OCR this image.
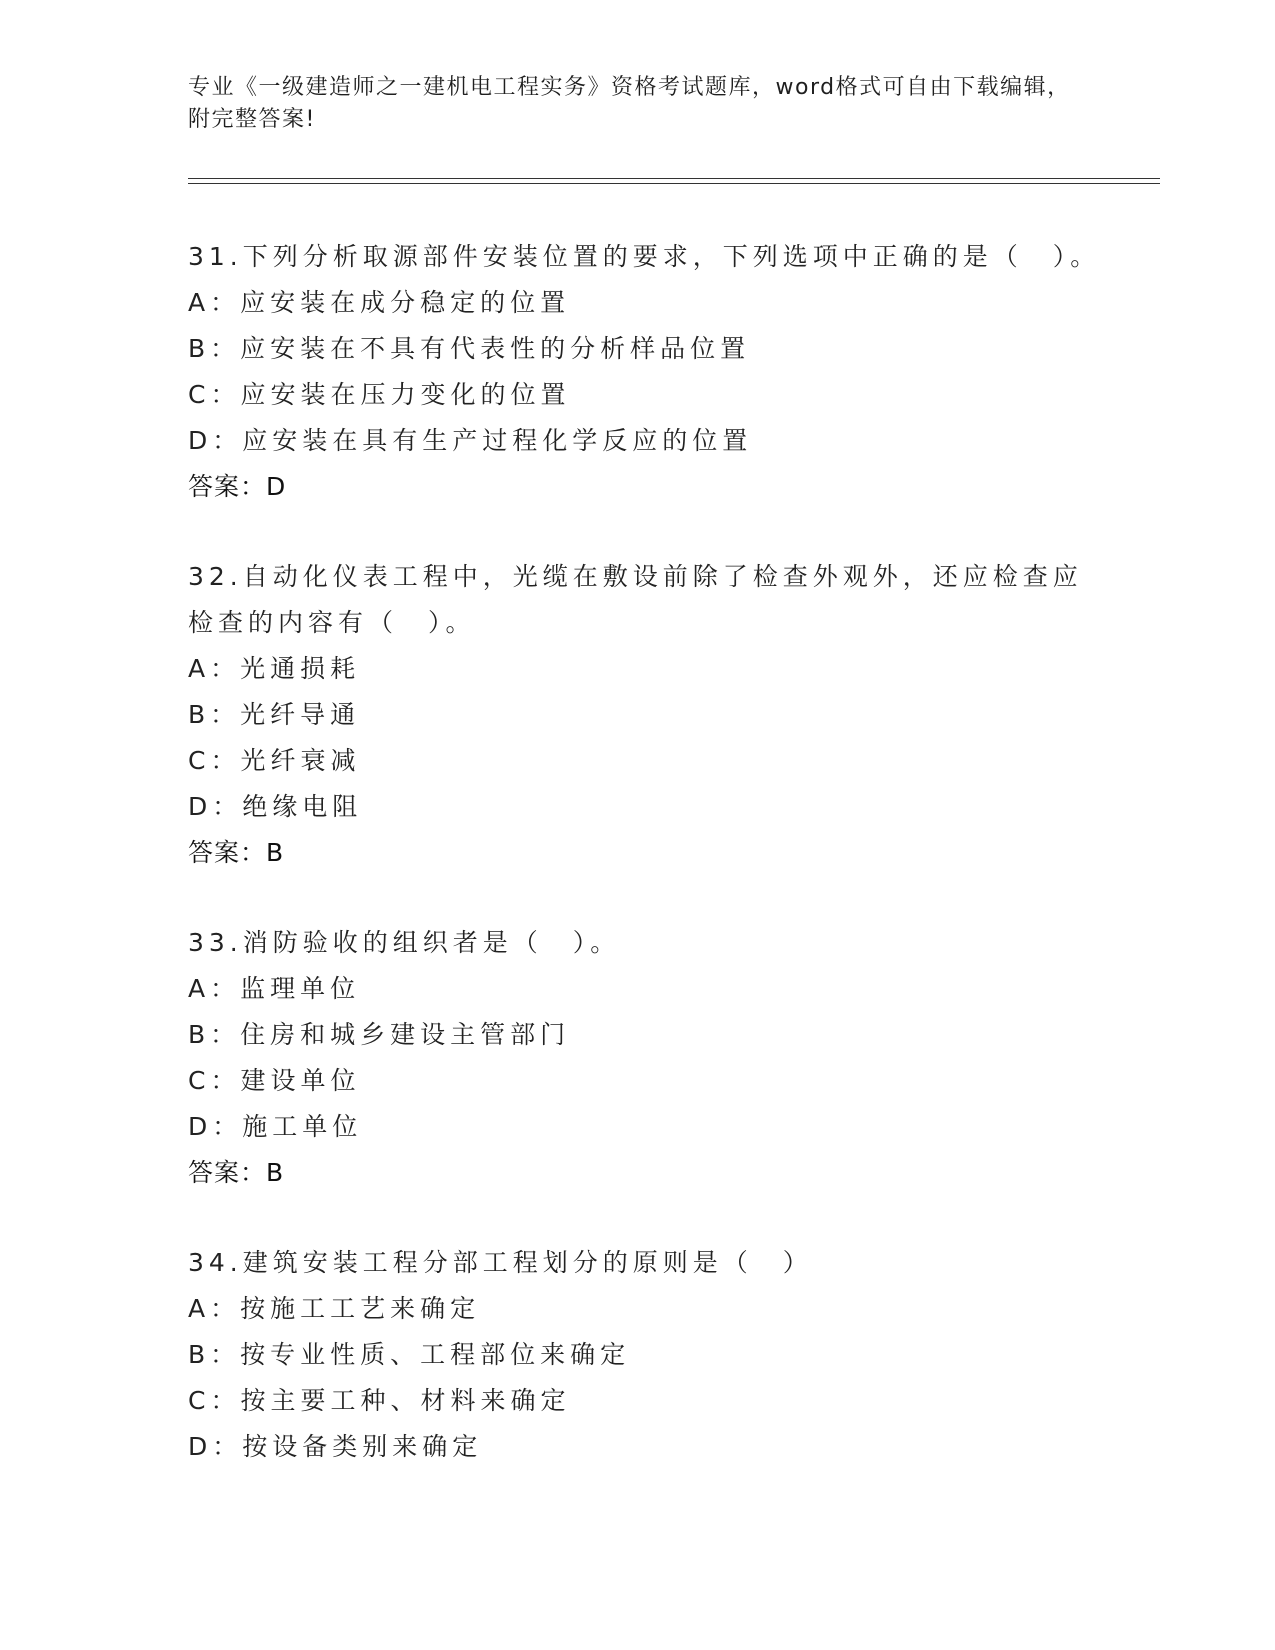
专业《一级建造师之一建机电工程实务》资格考试题库，word格式可自由下载编辑，附完整答案!
31.下列分析取源部件安装位置的要求，下列选项中正确的是（　）。
A：应安装在成分稳定的位置
B：应安装在不具有代表性的分析样品位置
C：应安装在压力变化的位置
D：应安装在具有生产过程化学反应的位置
答案：D
32.自动化仪表工程中，光缆在敷设前除了检查外观外，还应检查应检查的内容有（　）。
A：光通损耗
B：光纤导通
C：光纤衰减
D：绝缘电阻
答案：B
33.消防验收的组织者是（　）。
A：监理单位
B：住房和城乡建设主管部门
C：建设单位
D：施工单位
答案：B
34.建筑安装工程分部工程划分的原则是（　）
A：按施工工艺来确定
B：按专业性质、工程部位来确定
C：按主要工种、材料来确定
D：按设备类别来确定
